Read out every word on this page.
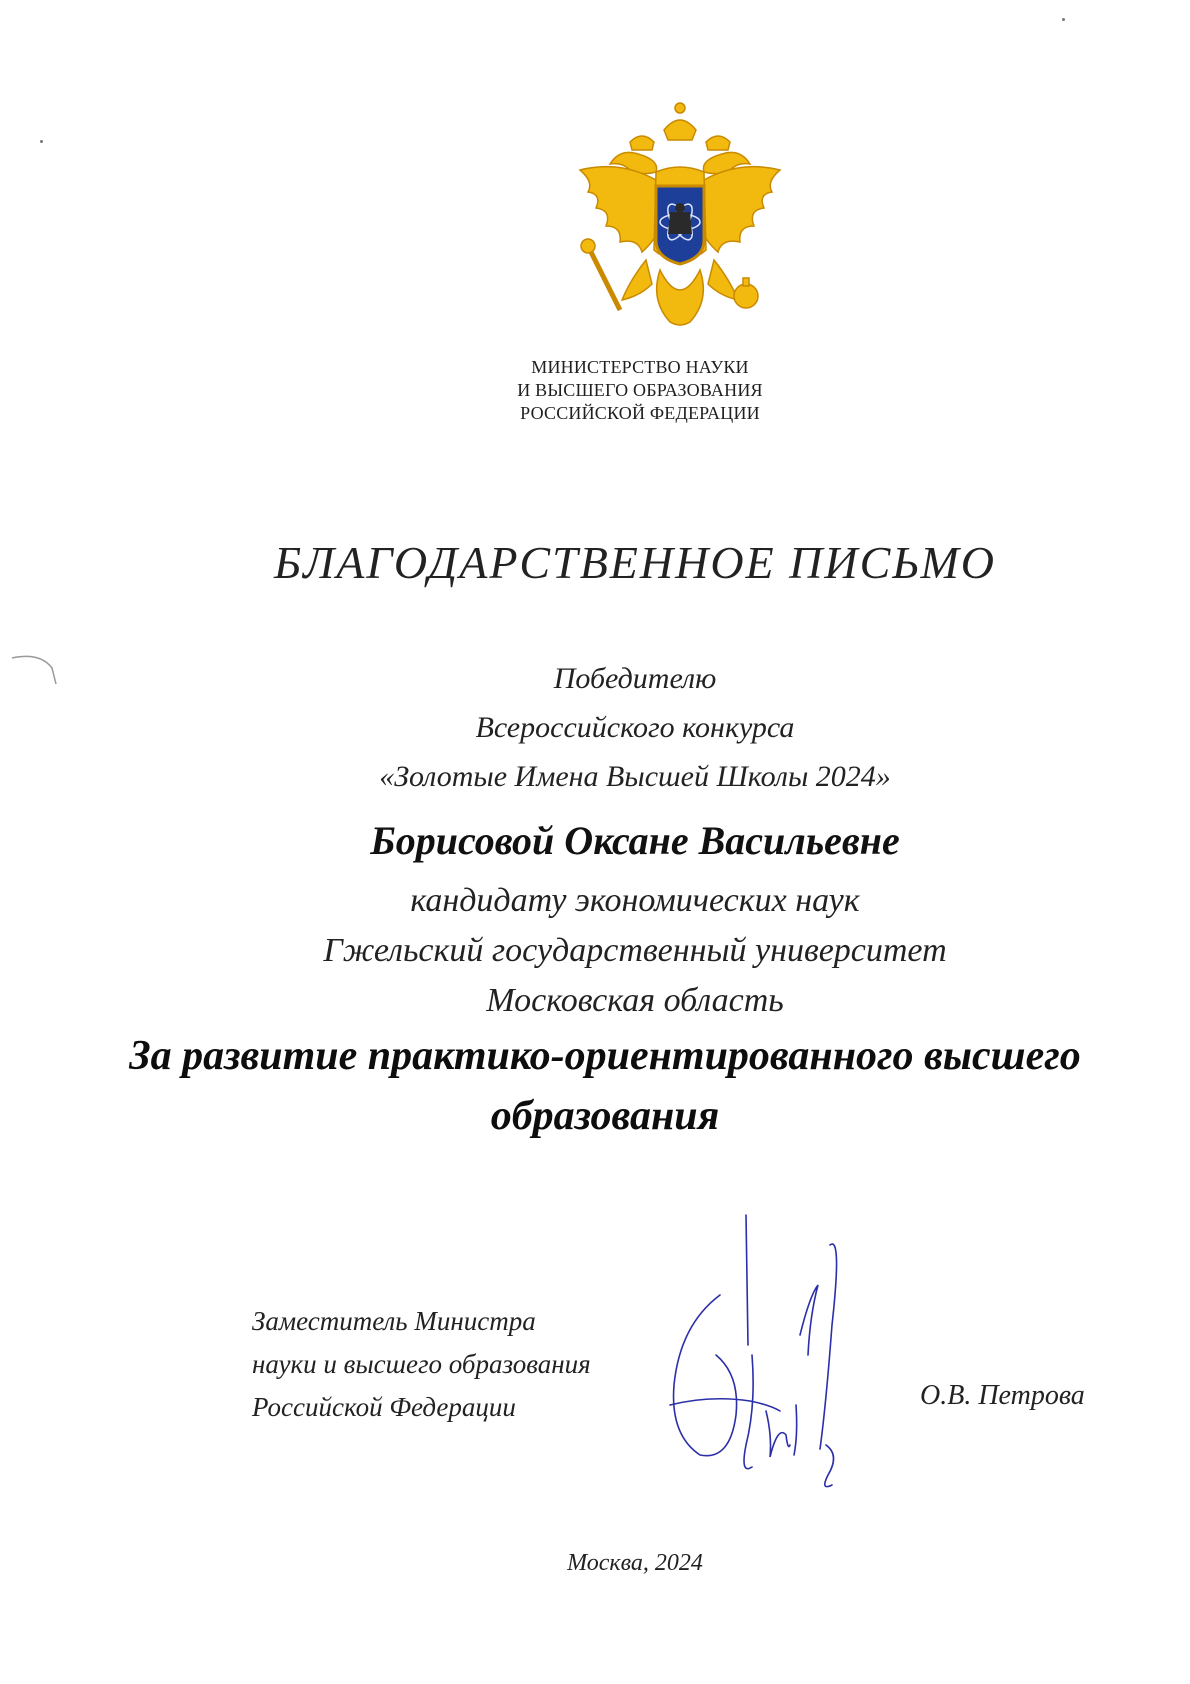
МИНИСТЕРСТВО НАУКИ
И ВЫСШЕГО ОБРАЗОВАНИЯ
РОССИЙСКОЙ ФЕДЕРАЦИИ
БЛАГОДАРСТВЕННОЕ ПИСЬМО
Победителю
Всероссийского конкурса
«Золотые Имена Высшей Школы 2024»
Борисовой Оксане Васильевне
кандидату экономических наук
Гжельский государственный университет
Московская область
За развитие практико-ориентированного высшего
образования
Заместитель Министра
науки и высшего образования
Российской Федерации	О.В. Петрова
Москва, 2024
